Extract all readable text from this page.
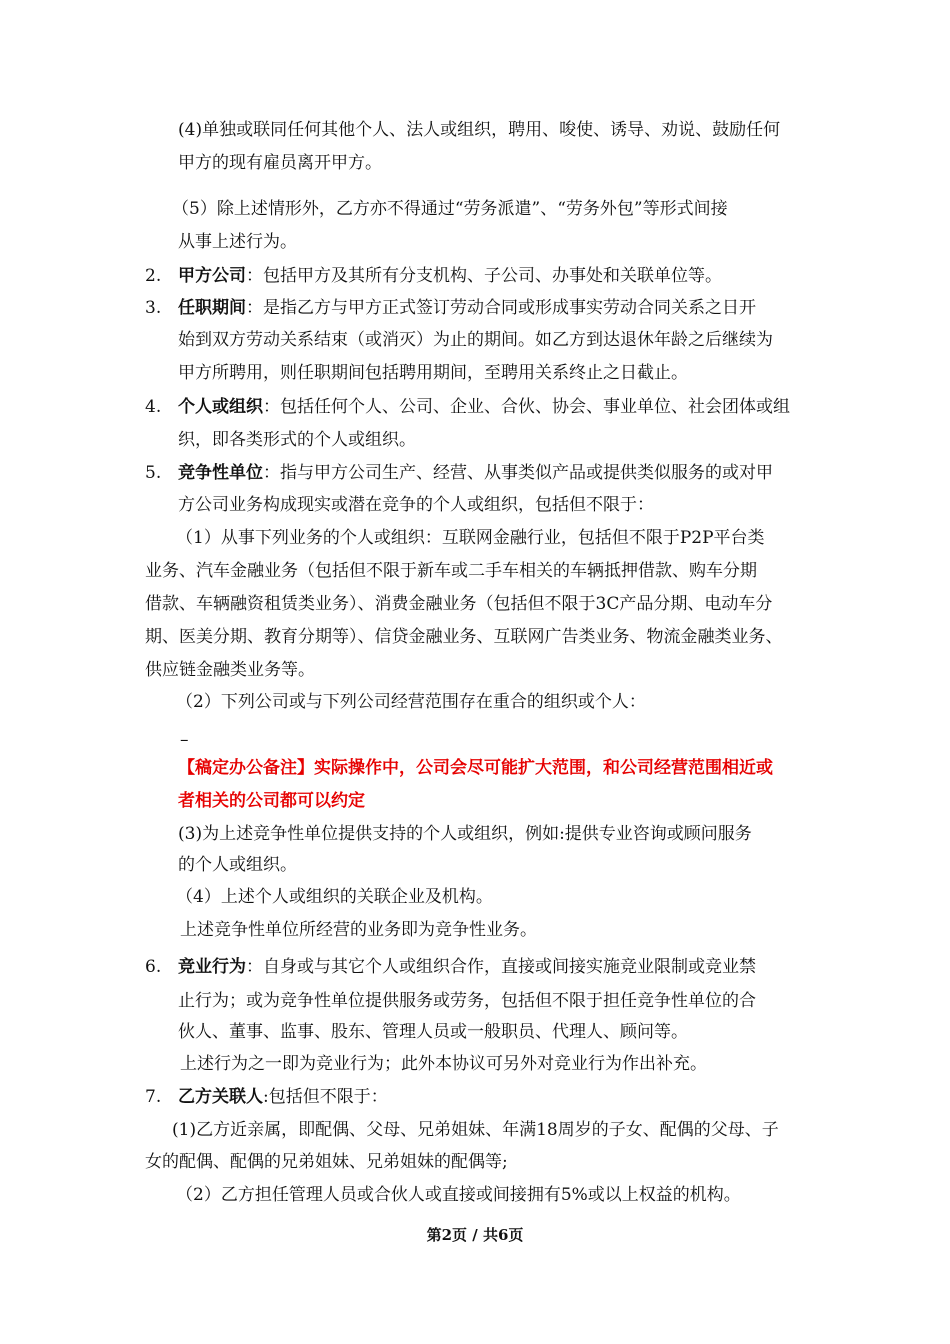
(4)单独或联同任何其他个人、法人或组织，聘用、唆使、诱导、劝说、鼓励任何
甲方的现有雇员离开甲方。
（5）除上述情形外，乙方亦不得通过“劳务派遣”、“劳务外包”等形式间接
从事上述行为。
2. 甲方公司：包括甲方及其所有分支机构、子公司、办事处和关联单位等。
3. 任职期间：是指乙方与甲方正式签订劳动合同或形成事实劳动合同关系之日开
始到双方劳动关系结束（或消灭）为止的期间。如乙方到达退休年龄之后继续为
甲方所聘用，则任职期间包括聘用期间，至聘用关系终止之日截止。
4. 个人或组织：包括任何个人、公司、企业、合伙、协会、事业单位、社会团体或组
织，即各类形式的个人或组织。
5. 竞争性单位：指与甲方公司生产、经营、从事类似产品或提供类似服务的或对甲
方公司业务构成现实或潜在竞争的个人或组织，包括但不限于：
（1）从事下列业务的个人或组织：互联网金融行业，包括但不限于P2P平台类
业务、汽车金融业务（包括但不限于新车或二手车相关的车辆抵押借款、购车分期
借款、车辆融资租赁类业务）、消费金融业务（包括但不限于3C产品分期、电动车分
期、医美分期、教育分期等）、信贷金融业务、互联网广告类业务、物流金融类业务、
供应链金融类业务等。
（2）下列公司或与下列公司经营范围存在重合的组织或个人：
–
【稿定办公备注】实际操作中，公司会尽可能扩大范围，和公司经营范围相近或
者相关的公司都可以约定
(3)为上述竞争性单位提供支持的个人或组织，例如:提供专业咨询或顾问服务
的个人或组织。
（4）上述个人或组织的关联企业及机构。
上述竞争性单位所经营的业务即为竞争性业务。
6. 竞业行为：自身或与其它个人或组织合作，直接或间接实施竞业限制或竞业禁
止行为；或为竞争性单位提供服务或劳务，包括但不限于担任竞争性单位的合
伙人、董事、监事、股东、管理人员或一般职员、代理人、顾问等。
上述行为之一即为竞业行为；此外本协议可另外对竞业行为作出补充。
7. 乙方关联人:包括但不限于：
(1)乙方近亲属，即配偶、父母、兄弟姐妹、年满18周岁的子女、配偶的父母、子
女的配偶、配偶的兄弟姐妹、兄弟姐妹的配偶等;
（2）乙方担任管理人员或合伙人或直接或间接拥有5%或以上权益的机构。
第2页 / 共6页
